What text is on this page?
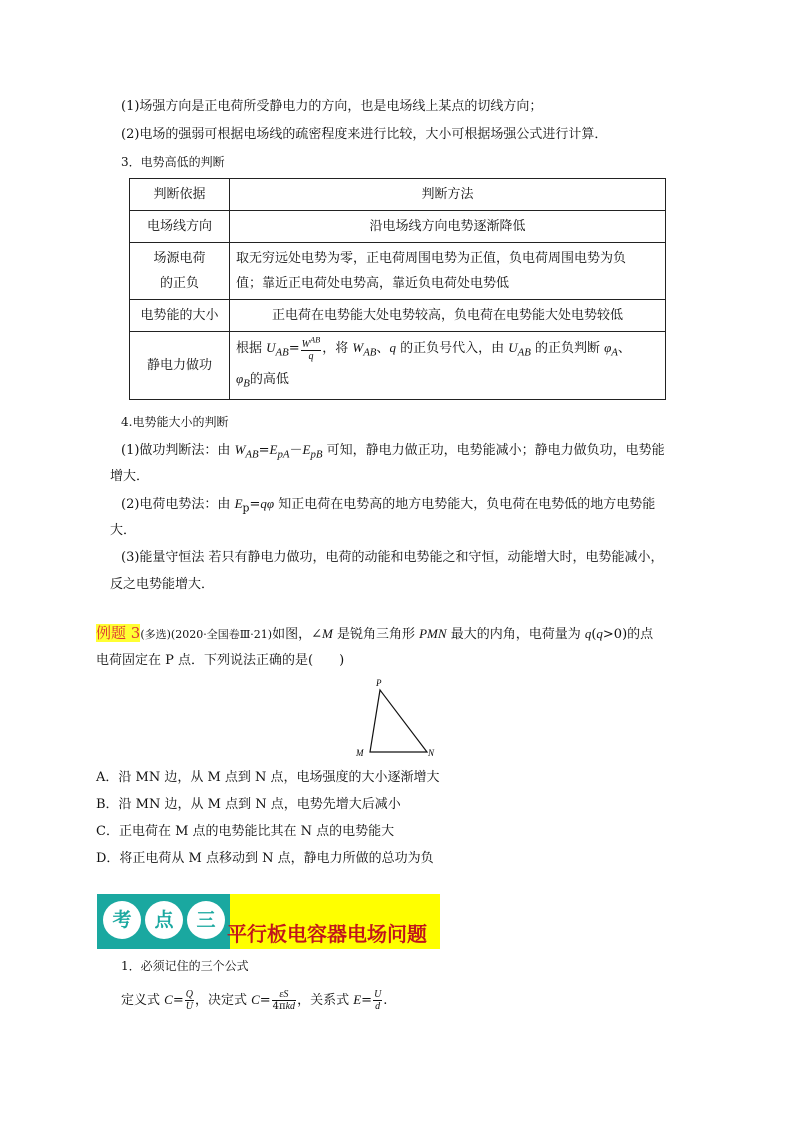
(1)场强方向是正电荷所受静电力的方向，也是电场线上某点的切线方向；
(2)电场的强弱可根据电场线的疏密程度来进行比较，大小可根据场强公式进行计算．
3．电势高低的判断
判断依据	判断方法
电场线方向	沿电场线方向电势逐渐降低
场源电荷
的正负	取无穷远处电势为零，正电荷周围电势为正值，负电荷周围电势为负
值；靠近正电荷处电势高，靠近负电荷处电势低
电势能的大小	正电荷在电势能大处电势较高，负电荷在电势能大处电势较低
静电力做功	根据 $U_{AB}= \frac{W^{AB}}{q}$ ，将 $W_{AB}$、q 的正负号代入，由 $U_{AB}$ 的正负判断 $\varphi_A$、
$\varphi_B$的高低
4.电势能大小的判断
(1)做功判断法：由 $W_{AB}=E_{pA}-E_{pB}$ 可知，静电力做正功，电势能减小；静电力做负功，电势能
增大．
(2)电荷电势法：由 $E_p=q\varphi$ 知正电荷在电势高的地方电势能大，负电荷在电势低的地方电势能
大．
(3)能量守恒法 若只有静电力做功，电荷的动能和电势能之和守恒，动能增大时，电势能减小，
反之电势能增大．
例题 3(多选)(2020·全国卷Ⅲ·21)如图，∠M 是锐角三角形 PMN 最大的内角，电荷量为 q(q>0)的点
电荷固定在 P 点．下列说法正确的是(　　)
P
M	N
A．沿 MN 边，从 M 点到 N 点，电场强度的大小逐渐增大
B．沿 MN 边，从 M 点到 N 点，电势先增大后减小
C．正电荷在 M 点的电势能比其在 N 点的电势能大
D．将正电荷从 M 点移动到 N 点，静电力所做的总功为负
考	点	三
平行板电容器电场问题
1．必须记住的三个公式
定义式 $C= \frac{Q}{U}$ ，决定式 $C= \frac{\varepsilon S}{\text{4πkd}}$ ，关系式 $E= \frac{U}{d}$ .
